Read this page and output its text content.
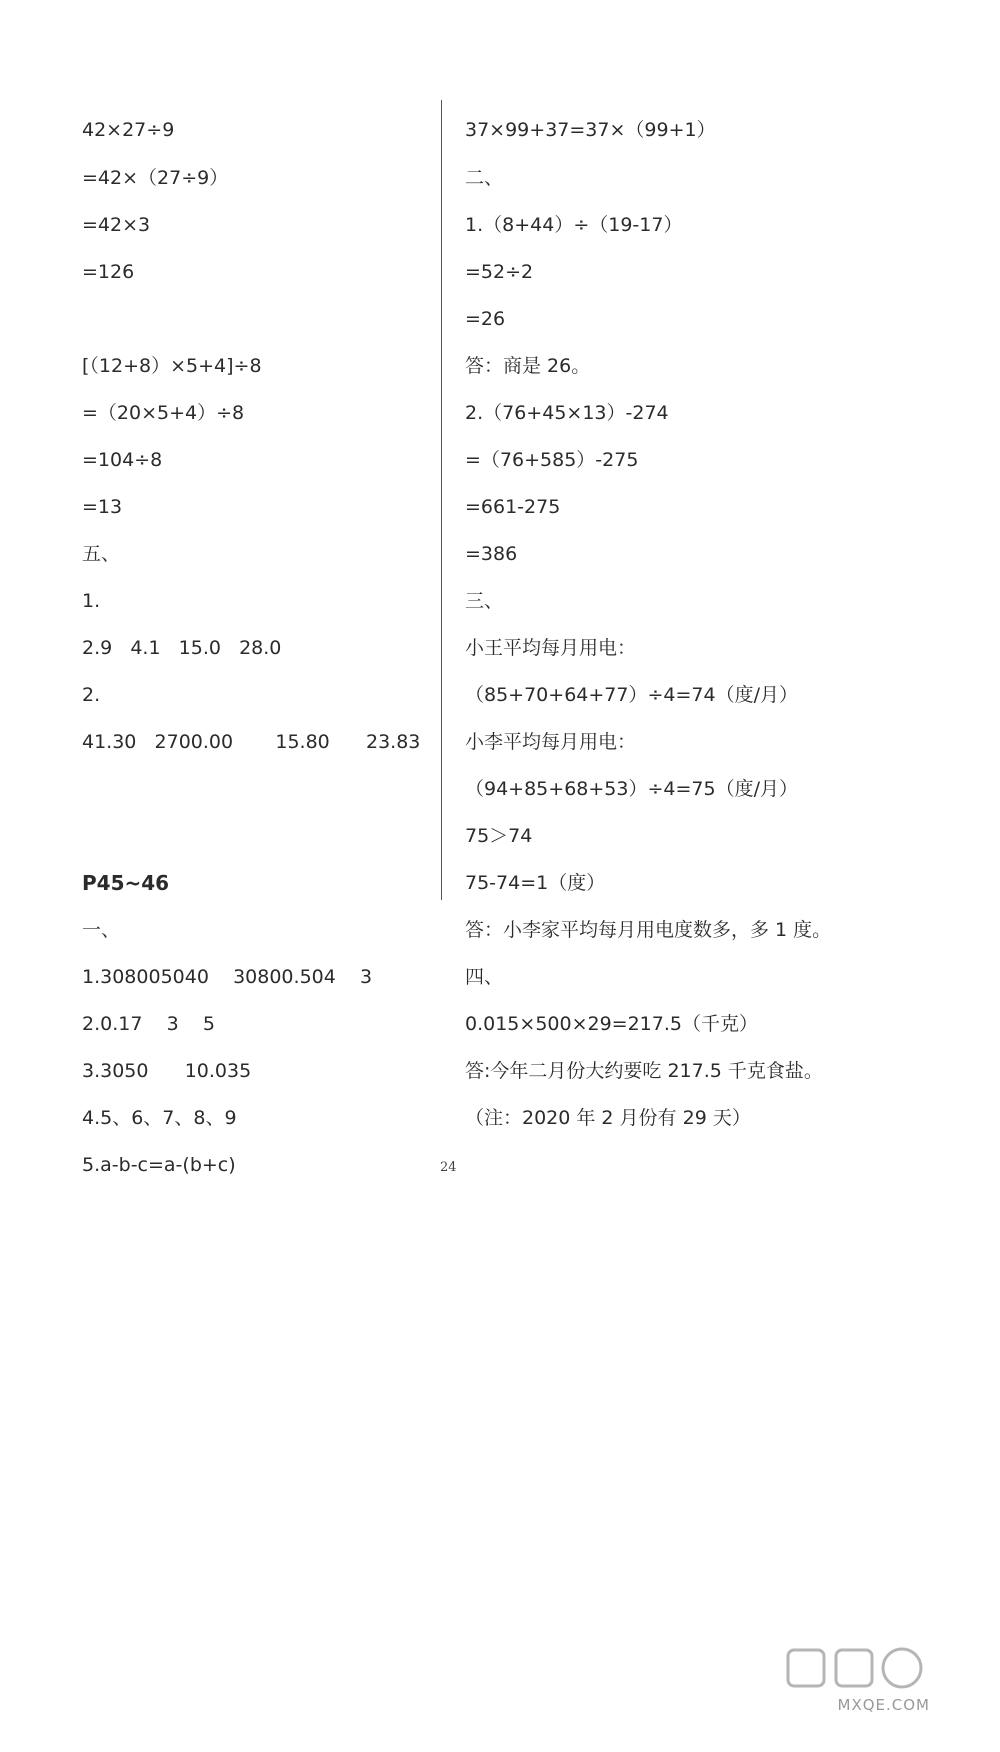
42×27÷9
=42×（27÷9）
=42×3
=126
[（12+8）×5+4]÷8
=（20×5+4）÷8
=104÷8
=13
五、
1.
2.9   4.1   15.0   28.0
2.
41.30   2700.00       15.80      23.83
P45~46
一、
1.308005040    30800.504    3
2.0.17    3    5
3.3050      10.035
4.5、6、7、8、9
5.a-b-c=a-(b+c)
37×99+37=37×（99+1）
二、
1.（8+44）÷（19-17）
=52÷2
=26
答：商是 26。
2.（76+45×13）-274
=（76+585）-275
=661-275
=386
三、
小王平均每月用电：
（85+70+64+77）÷4=74（度/月）
小李平均每月用电：
（94+85+68+53）÷4=75（度/月）
75＞74
75-74=1（度）
答：小李家平均每月用电度数多，多 1 度。
四、
0.015×500×29=217.5（千克）
答:今年二月份大约要吃 217.5 千克食盐。
（注：2020 年 2 月份有 29 天）
24
MXQE.COM
